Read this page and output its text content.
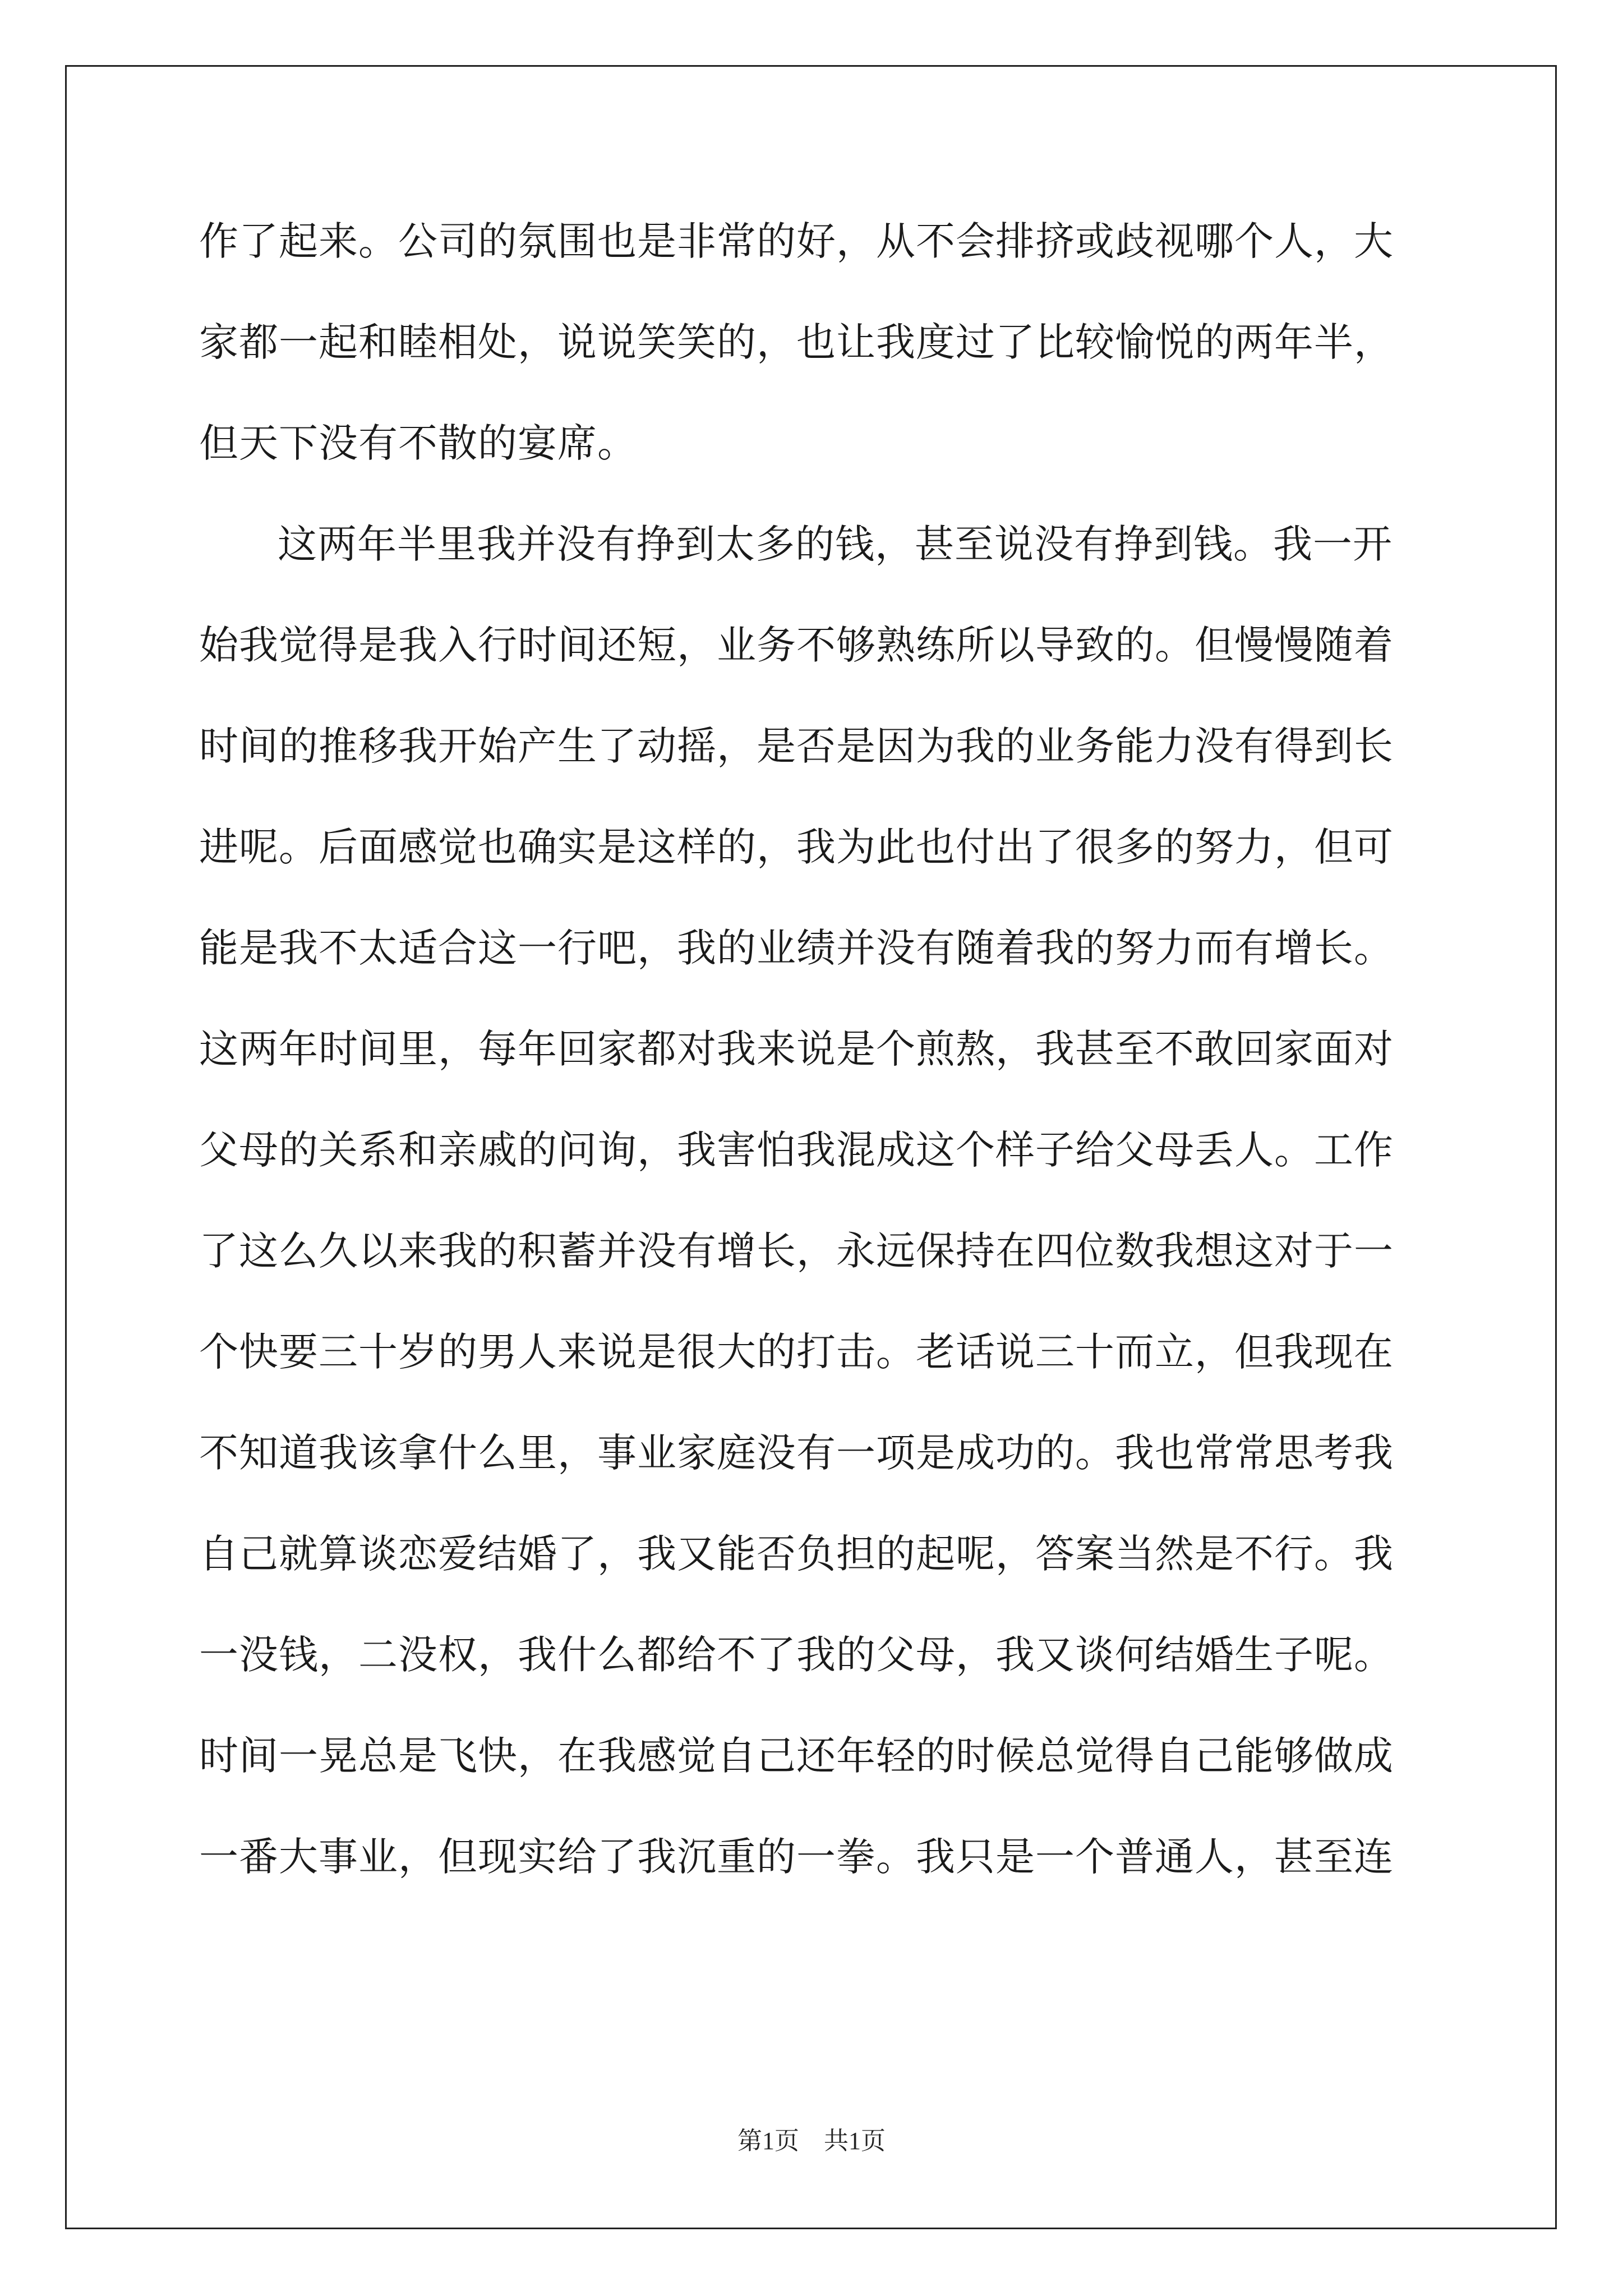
作了起来。公司的氛围也是非常的好，从不会排挤或歧视哪个人，大
家都一起和睦相处，说说笑笑的，也让我度过了比较愉悦的两年半，
但天下没有不散的宴席。
这两年半里我并没有挣到太多的钱，甚至说没有挣到钱。我一开
始我觉得是我入行时间还短，业务不够熟练所以导致的。但慢慢随着
时间的推移我开始产生了动摇，是否是因为我的业务能力没有得到长
进呢。后面感觉也确实是这样的，我为此也付出了很多的努力，但可
能是我不太适合这一行吧，我的业绩并没有随着我的努力而有增长。
这两年时间里，每年回家都对我来说是个煎熬，我甚至不敢回家面对
父母的关系和亲戚的问询，我害怕我混成这个样子给父母丢人。工作
了这么久以来我的积蓄并没有增长，永远保持在四位数我想这对于一
个快要三十岁的男人来说是很大的打击。老话说三十而立，但我现在
不知道我该拿什么里，事业家庭没有一项是成功的。我也常常思考我
自己就算谈恋爱结婚了，我又能否负担的起呢，答案当然是不行。我
一没钱，二没权，我什么都给不了我的父母，我又谈何结婚生子呢。
时间一晃总是飞快，在我感觉自己还年轻的时候总觉得自己能够做成
一番大事业，但现实给了我沉重的一拳。我只是一个普通人，甚至连
第1页　共1页
